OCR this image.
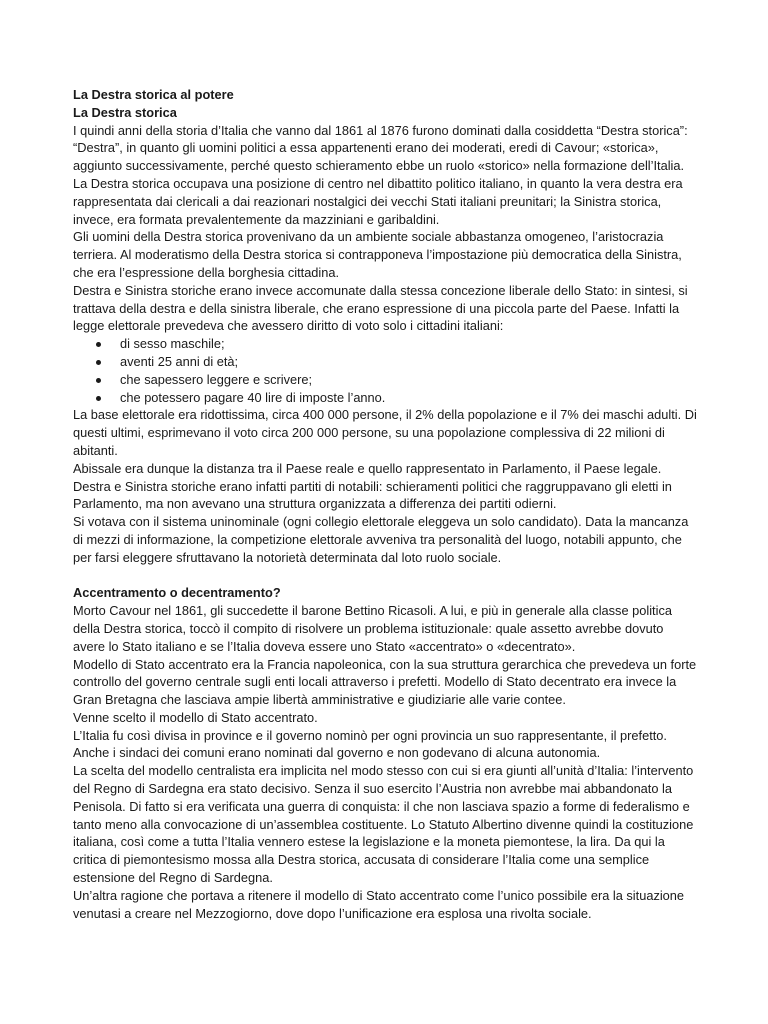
La Destra storica al potere

La Destra storica

I quindi anni della storia d’Italia che vanno dal 1861 al 1876 furono dominati dalla cosiddetta “Destra storica”: “Destra”, in quanto gli uomini politici a essa appartenenti erano dei moderati, eredi di Cavour; «storica», aggiunto successivamente, perché questo schieramento ebbe un ruolo «storico» nella formazione dell’Italia.

La Destra storica occupava una posizione di centro nel dibattito politico italiano, in quanto la vera destra era rappresentata dai clericali a dai reazionari nostalgici dei vecchi Stati italiani preunitari; la Sinistra storica, invece, era formata prevalentemente da mazziniani e garibaldini.

Gli uomini della Destra storica provenivano da un ambiente sociale abbastanza omogeneo, l’aristocrazia terriera. Al moderatismo della Destra storica si contrapponeva l’impostazione più democratica della Sinistra, che era l’espressione della borghesia cittadina.

Destra e Sinistra storiche erano invece accomunate dalla stessa concezione liberale dello Stato: in sintesi, si trattava della destra e della sinistra liberale, che erano espressione di una piccola parte del Paese. Infatti la legge elettorale prevedeva che avessero diritto di voto solo i cittadini italiani:

di sesso maschile;
aventi 25 anni di età;
che sapessero leggere e scrivere;
che potessero pagare 40 lire di imposte l’anno.

La base elettorale era ridottissima, circa 400 000 persone, il 2% della popolazione e il 7% dei maschi adulti. Di questi ultimi, esprimevano il voto circa 200 000 persone, su una popolazione complessiva di 22 milioni di abitanti.

Abissale era dunque la distanza tra il Paese reale e quello rappresentato in Parlamento, il Paese legale.

Destra e Sinistra storiche erano infatti partiti di notabili: schieramenti politici che raggruppavano gli eletti in Parlamento, ma non avevano una struttura organizzata a differenza dei partiti odierni.

Si votava con il sistema uninominale (ogni collegio elettorale eleggeva un solo candidato). Data la mancanza di mezzi di informazione, la competizione elettorale avveniva tra personalità del luogo, notabili appunto, che per farsi eleggere sfruttavano la notorietà determinata dal loto ruolo sociale.

Accentramento o decentramento?

Morto Cavour nel 1861, gli succedette il barone Bettino Ricasoli. A lui, e più in generale alla classe politica della Destra storica, toccò il compito di risolvere un problema istituzionale: quale assetto avrebbe dovuto avere lo Stato italiano e se l’Italia doveva essere uno Stato «accentrato» o «decentrato».

Modello di Stato accentrato era la Francia napoleonica, con la sua struttura gerarchica che prevedeva un forte controllo del governo centrale sugli enti locali attraverso i prefetti. Modello di Stato decentrato era invece la Gran Bretagna che lasciava ampie libertà amministrative e giudiziarie alle varie contee.

Venne scelto il modello di Stato accentrato.

L’Italia fu così divisa in province e il governo nominò per ogni provincia un suo rappresentante, il prefetto.

Anche i sindaci dei comuni erano nominati dal governo e non godevano di alcuna autonomia.

La scelta del modello centralista era implicita nel modo stesso con cui si era giunti all’unità d’Italia: l’intervento del Regno di Sardegna era stato decisivo. Senza il suo esercito l’Austria non avrebbe mai abbandonato la Penisola. Di fatto si era verificata una guerra di conquista: il che non lasciava spazio a forme di federalismo e tanto meno alla convocazione di un’assemblea costituente. Lo Statuto Albertino divenne quindi la costituzione italiana, così come a tutta l’Italia vennero estese la legislazione e la moneta piemontese, la lira. Da qui la critica di piemontesismo mossa alla Destra storica, accusata di considerare l’Italia come una semplice estensione del Regno di Sardegna.

Un’altra ragione che portava a ritenere il modello di Stato accentrato come l’unico possibile era la situazione venutasi a creare nel Mezzogiorno, dove dopo l’unificazione era esplosa una rivolta sociale.
